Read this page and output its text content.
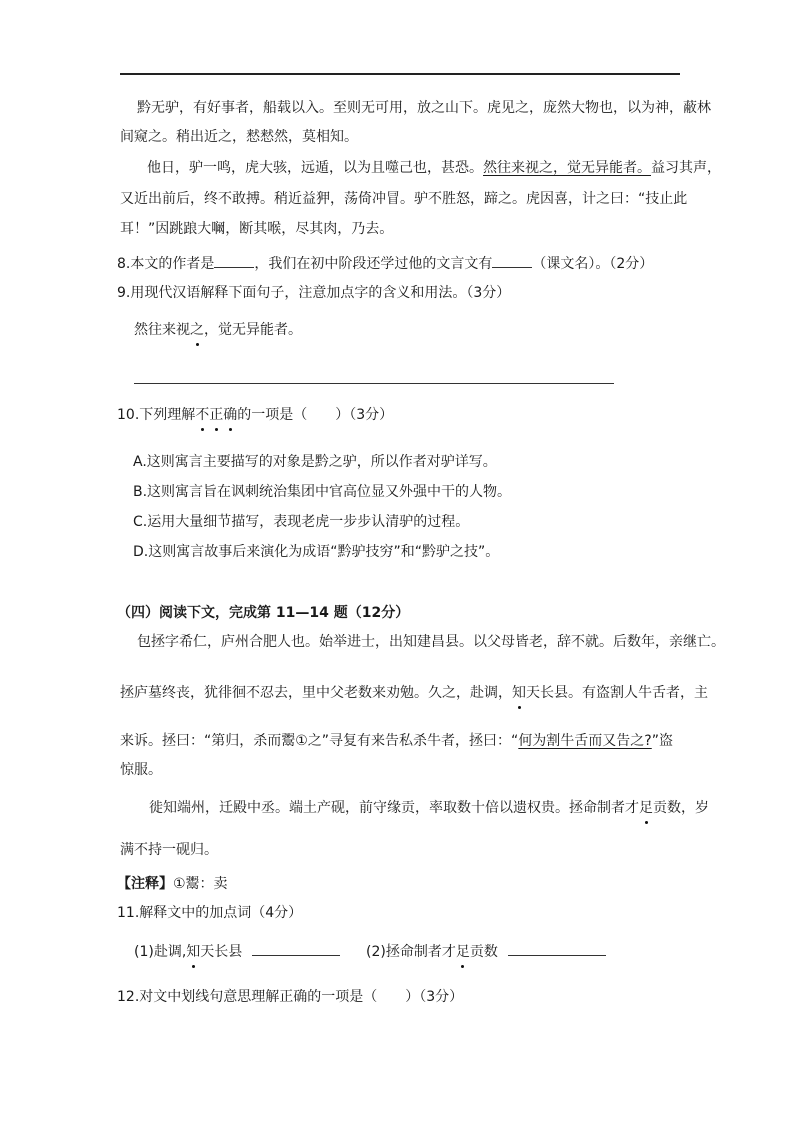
黔无驴，有好事者，船载以入。至则无可用，放之山下。虎见之，庞然大物也，以为神，蔽林
间窥之。稍出近之，慭慭然，莫相知。
他日，驴一鸣，虎大骇，远遁，以为且噬己也，甚恐。然往来视之，觉无异能者。益习其声，
又近出前后，终不敢搏。稍近益狎，荡倚冲冒。驴不胜怒，蹄之。虎因喜，计之曰：“技止此
耳！”因跳踉大㘎，断其喉，尽其肉，乃去。
8.本文的作者是	，我们在初中阶段还学过他的文言文有	（课文名）。（2分）
9.用现代汉语解释下面句子，注意加点字的含义和用法。（3分）
然往来视之，觉无异能者。
10.下列理解不正确的一项是（　　）（3分）
A.这则寓言主要描写的对象是黔之驴，所以作者对驴详写。
B.这则寓言旨在讽刺统治集团中官高位显又外强中干的人物。
C.运用大量细节描写，表现老虎一步步认清驴的过程。
D.这则寓言故事后来演化为成语“黔驴技穷”和“黔驴之技”。
（四）阅读下文，完成第 11—14 题（12分）
包拯字希仁，庐州合肥人也。始举进士，出知建昌县。以父母皆老，辞不就。后数年，亲继亡。
拯庐墓终丧，犹徘徊不忍去，里中父老数来劝勉。久之，赴调，知天长县。有盗割人牛舌者，主
来诉。拯曰：“第归，杀而鬻①之”寻复有来告私杀牛者，拯曰：“何为割牛舌而又告之?”盗
惊服。
徙知端州，迁殿中丞。端土产砚，前守缘贡，率取数十倍以遗权贵。拯命制者才足贡数，岁
满不持一砚归。
【注释】①鬻：卖
11.解释文中的加点词（4分）
(1)赴调,知天长县	(2)拯命制者才足贡数
12.对文中划线句意思理解正确的一项是（　　）（3分）
